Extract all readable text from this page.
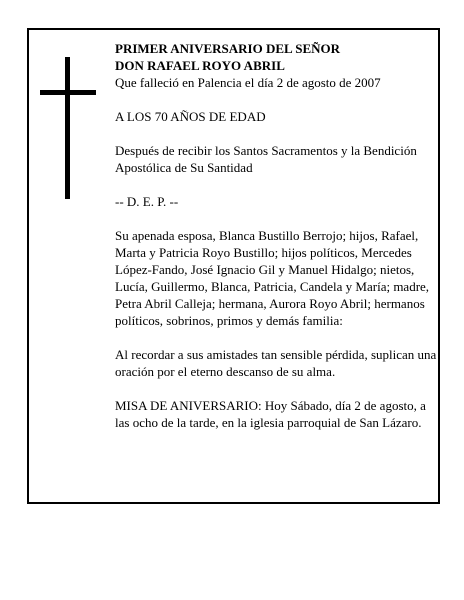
PRIMER ANIVERSARIO DEL SEÑOR

DON RAFAEL ROYO ABRIL

Que falleció en Palencia el día 2 de agosto de 2007

A LOS 70 AÑOS DE EDAD

Después de recibir los Santos Sacramentos y la Bendición Apostólica de Su Santidad

-- D. E. P. --

Su apenada esposa, Blanca Bustillo Berrojo; hijos, Rafael, Marta y Patricia Royo Bustillo; hijos políticos, Mercedes López-Fando, José Ignacio Gil y Manuel Hidalgo; nietos, Lucía, Guillermo, Blanca, Patricia, Candela y María; madre, Petra Abril Calleja; hermana, Aurora Royo Abril; hermanos políticos, sobrinos, primos y demás familia:

Al recordar a sus amistades tan sensible pérdida, suplican una oración por el eterno descanso de su alma.

MISA DE ANIVERSARIO: Hoy Sábado, día 2 de agosto, a las ocho de la tarde, en la iglesia parroquial de San Lázaro.
